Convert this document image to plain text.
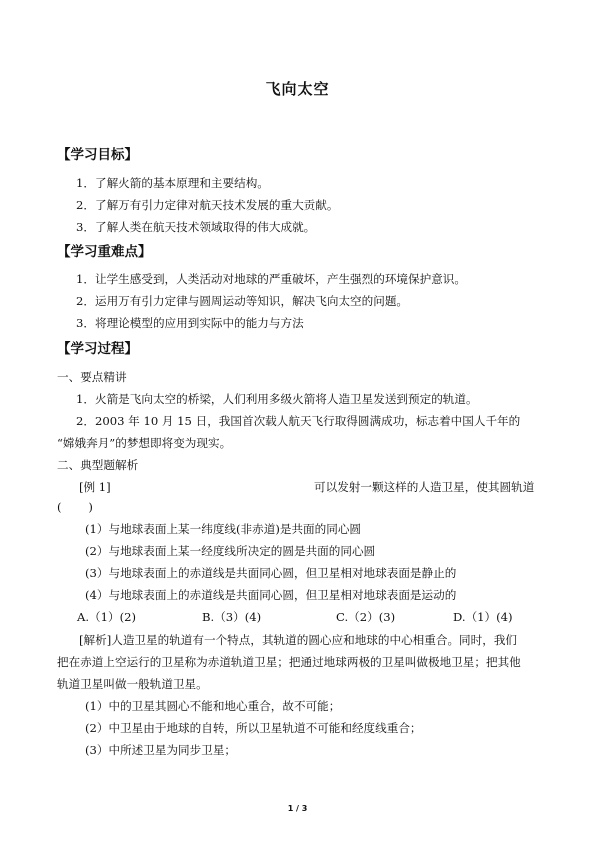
飞向太空
【学习目标】
1．了解火箭的基本原理和主要结构。
2．了解万有引力定律对航天技术发展的重大贡献。
3．了解人类在航天技术领域取得的伟大成就。
【学习重难点】
1．让学生感受到，人类活动对地球的严重破坏，产生强烈的环境保护意识。
2．运用万有引力定律与圆周运动等知识，解决飞向太空的问题。
3．将理论模型的应用到实际中的能力与方法
【学习过程】
一、要点精讲
1．火箭是飞向太空的桥梁，人们利用多级火箭将人造卫星发送到预定的轨道。
2．2003 年 10 月 15 日，我国首次载人航天飞行取得圆满成功，标志着中国人千年的
“嫦娥奔月”的梦想即将变为现实。
二、典型题解析
[例 1]	可以发射一颗这样的人造卫星，使其圆轨道
(　　 )
(1）与地球表面上某一纬度线(非赤道)是共面的同心圆
(2）与地球表面上某一经度线所决定的圆是共面的同心圆
(3）与地球表面上的赤道线是共面同心圆，但卫星相对地球表面是静止的
(4）与地球表面上的赤道线是共面同心圆，但卫星相对地球表面是运动的
A.（1）(2)	B.（3）(4)	C.（2）(3)	D.（1）(4)
[解析]人造卫星的轨道有一个特点，其轨道的圆心应和地球的中心相重合。同时，我们
把在赤道上空运行的卫星称为赤道轨道卫星；把通过地球两极的卫星叫做极地卫星；把其他
轨道卫星叫做一般轨道卫星。
(1）中的卫星其圆心不能和地心重合，故不可能；
(2）中卫星由于地球的自转，所以卫星轨道不可能和经度线重合；
(3）中所述卫星为同步卫星；
1 / 3
